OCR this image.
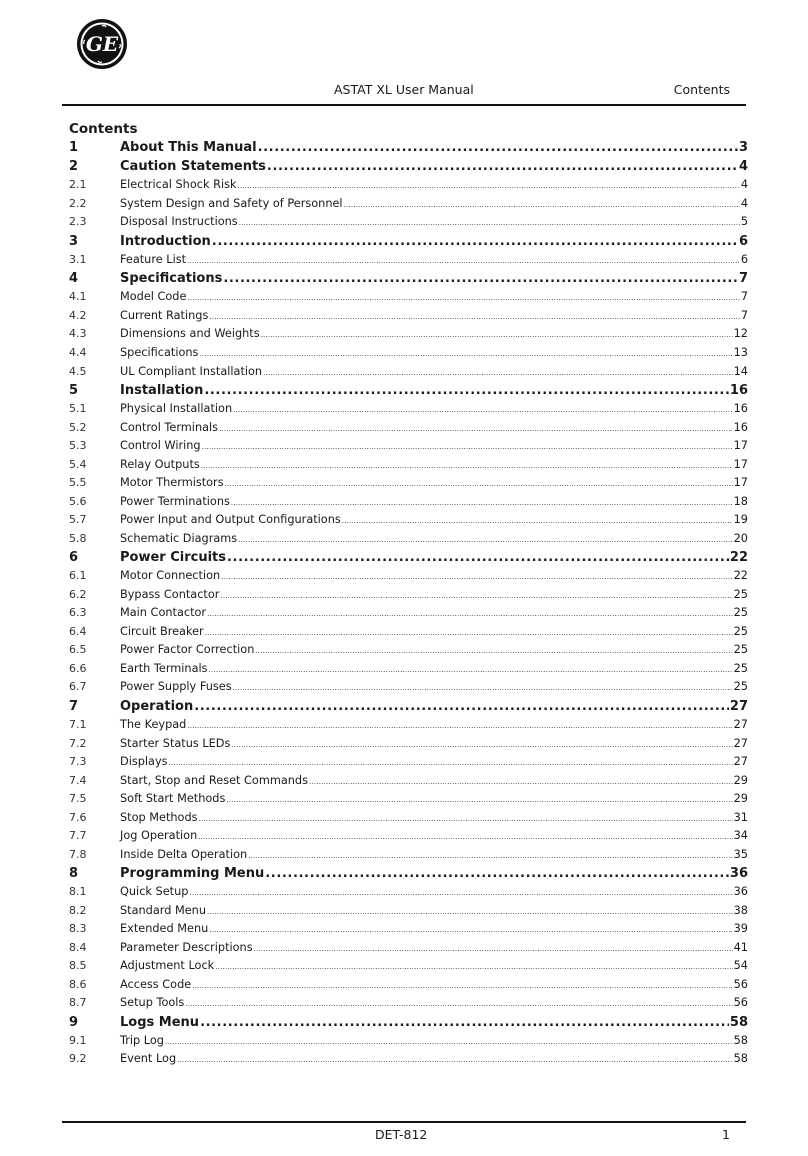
GE
ASTAT XL User Manual	Contents
Contents
1	About This Manual .....	3
2	Caution Statements .....	4
2.1	Electrical Shock Risk .....	4
2.2	System Design and Safety of Personnel .....	4
2.3	Disposal Instructions .....	5
3	Introduction .....	6
3.1	Feature List .....	6
4	Specifications .....	7
4.1	Model Code .....	7
4.2	Current Ratings .....	7
4.3	Dimensions and Weights .....	12
4.4	Specifications .....	13
4.5	UL Compliant Installation .....	14
5	Installation .....	16
5.1	Physical Installation .....	16
5.2	Control Terminals .....	16
5.3	Control Wiring .....	17
5.4	Relay Outputs .....	17
5.5	Motor Thermistors .....	17
5.6	Power Terminations .....	18
5.7	Power Input and Output Configurations .....	19
5.8	Schematic Diagrams .....	20
6	Power Circuits .....	22
6.1	Motor Connection .....	22
6.2	Bypass Contactor .....	25
6.3	Main Contactor .....	25
6.4	Circuit Breaker .....	25
6.5	Power Factor Correction .....	25
6.6	Earth Terminals .....	25
6.7	Power Supply Fuses .....	25
7	Operation .....	27
7.1	The Keypad .....	27
7.2	Starter Status LEDs .....	27
7.3	Displays .....	27
7.4	Start, Stop and Reset Commands .....	29
7.5	Soft Start Methods .....	29
7.6	Stop Methods .....	31
7.7	Jog Operation .....	34
7.8	Inside Delta Operation .....	35
8	Programming Menu .....	36
8.1	Quick Setup .....	36
8.2	Standard Menu .....	38
8.3	Extended Menu .....	39
8.4	Parameter Descriptions .....	41
8.5	Adjustment Lock .....	54
8.6	Access Code .....	56
8.7	Setup Tools .....	56
9	Logs Menu .....	58
9.1	Trip Log .....	58
9.2	Event Log .....	58
DET-812	1
